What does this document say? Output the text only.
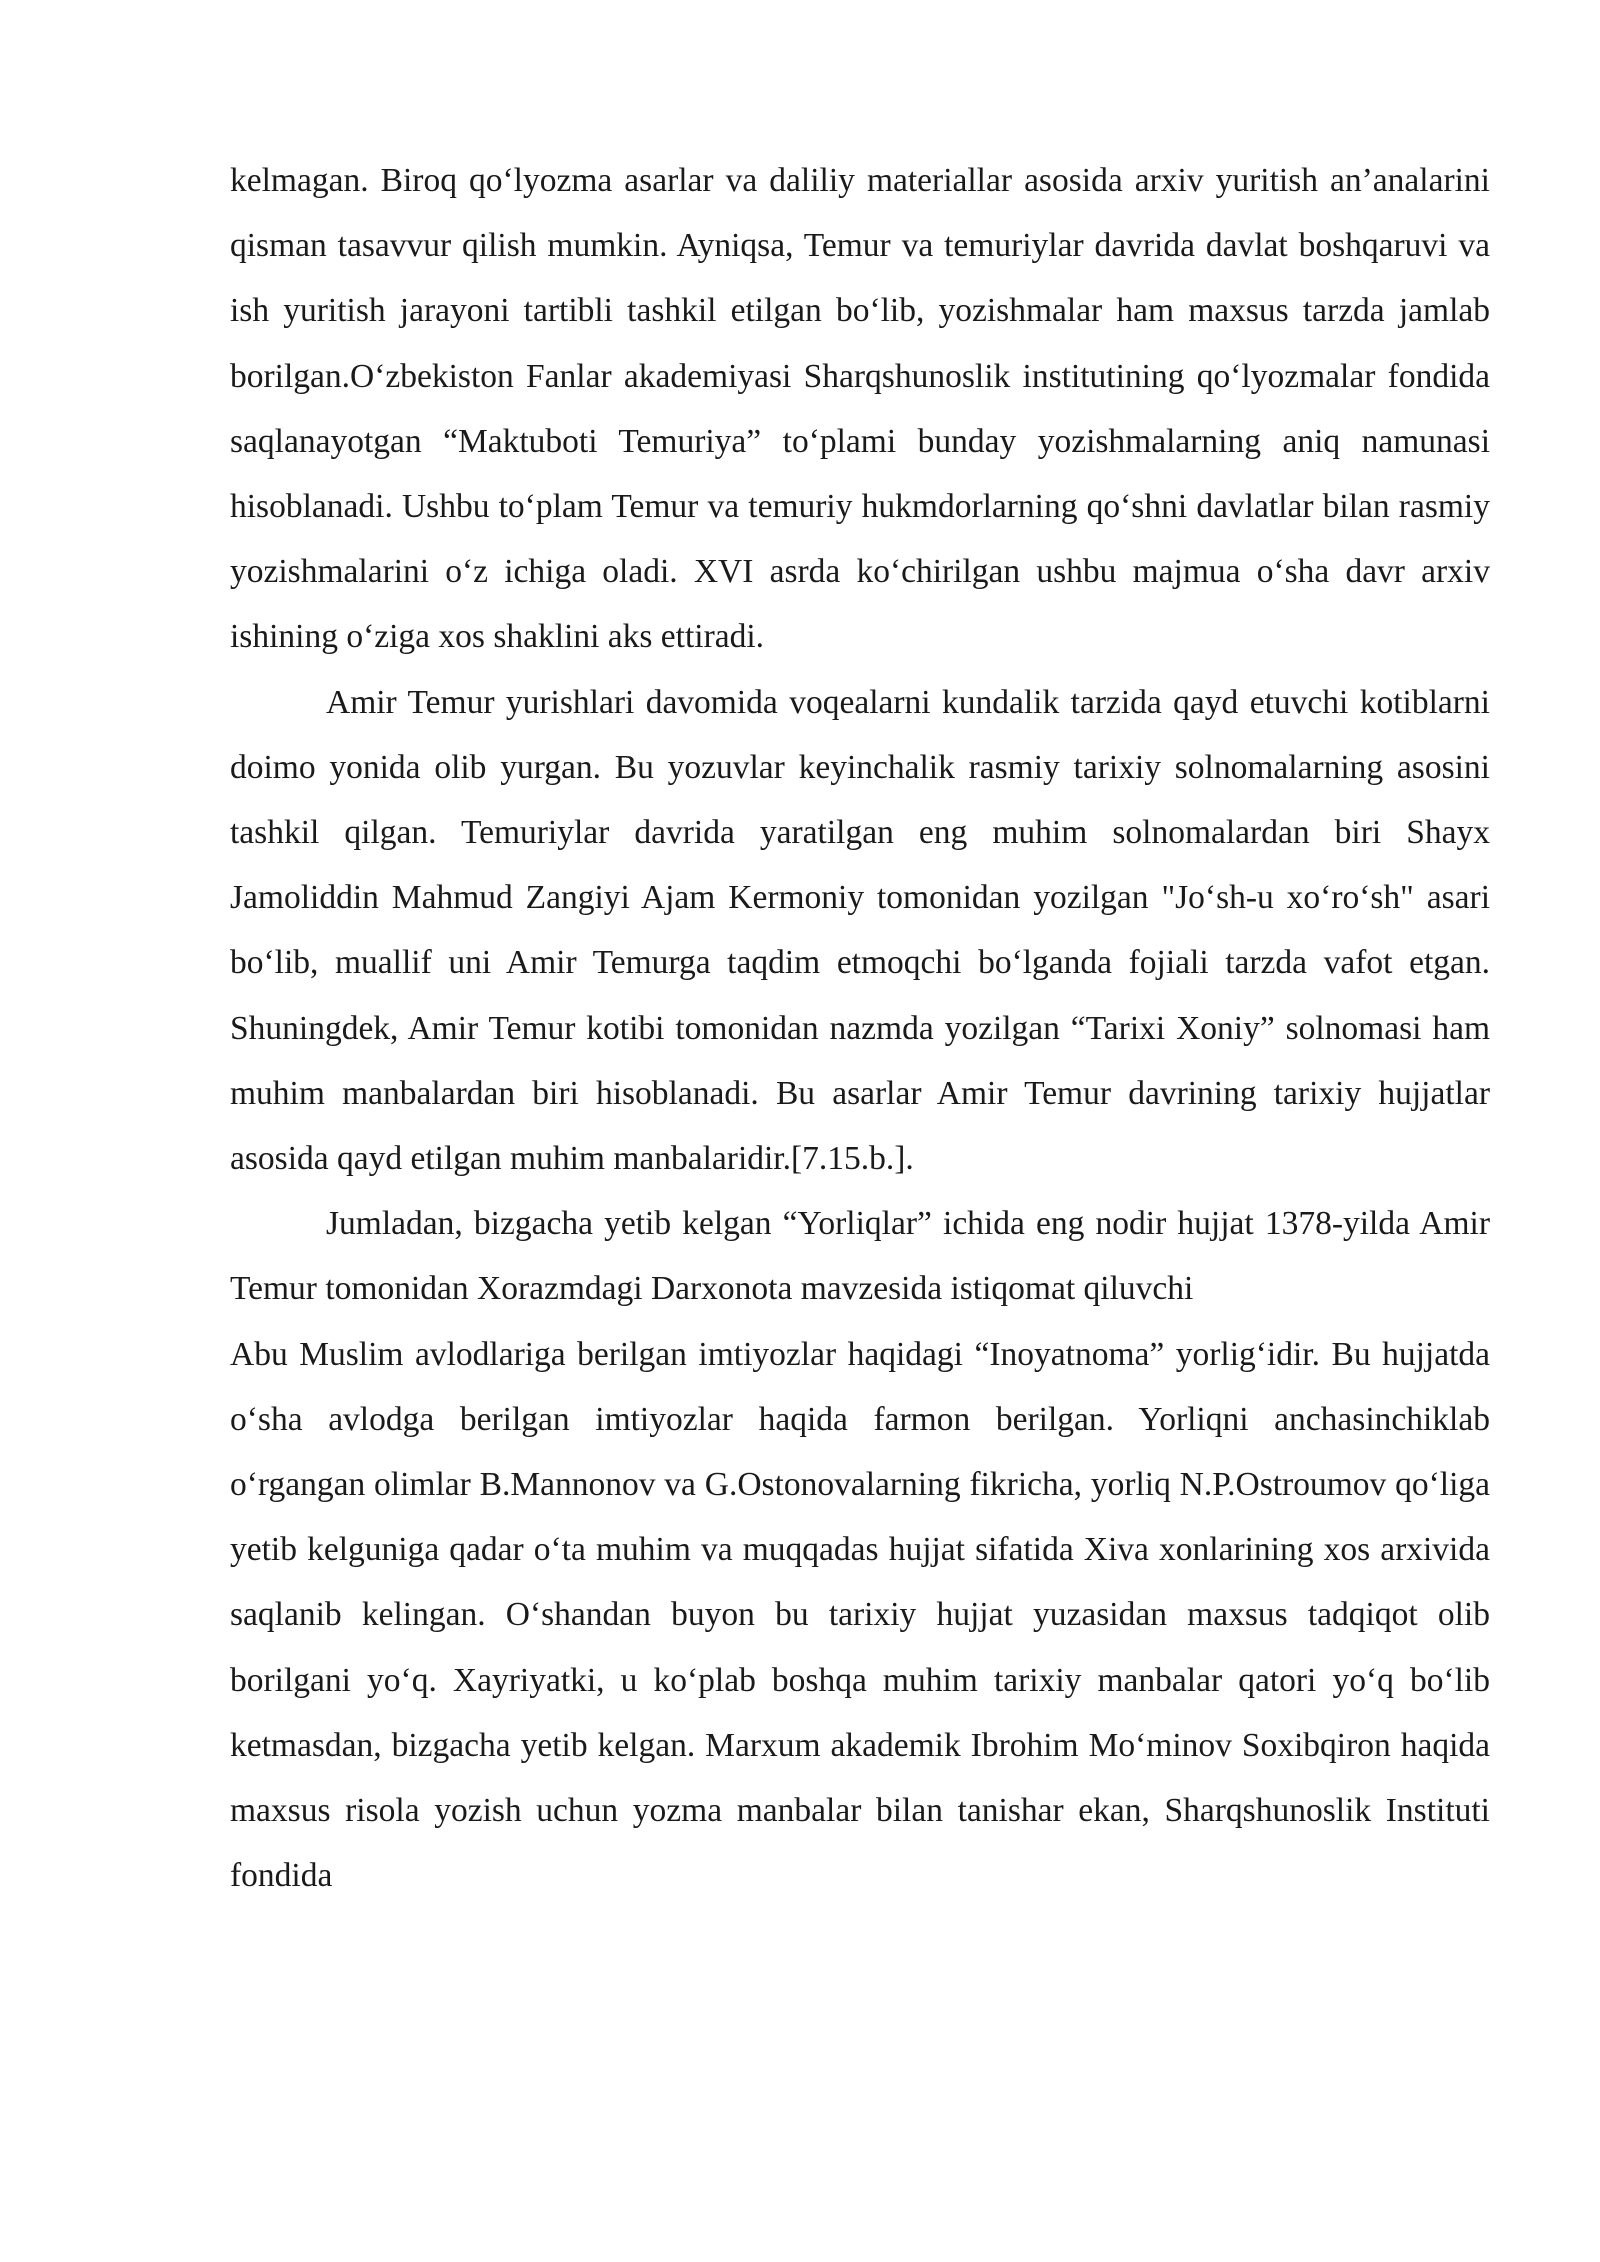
kelmagan. Biroq qo‘lyozma asarlar va daliliy materiallar asosida arxiv yuritish an’analarini qisman tasavvur qilish mumkin. Ayniqsa, Temur va temuriylar davrida davlat boshqaruvi va ish yuritish jarayoni tartibli tashkil etilgan bo‘lib, yozishmalar ham maxsus tarzda jamlab borilgan.O‘zbekiston Fanlar akademiyasi Sharqshunoslik institutining qo‘lyozmalar fondida saqlanayotgan “Maktuboti Temuriya” to‘plami bunday yozishmalarning aniq namunasi hisoblanadi. Ushbu to‘plam Temur va temuriy hukmdorlarning qo‘shni davlatlar bilan rasmiy yozishmalarini o‘z ichiga oladi. XVI asrda ko‘chirilgan ushbu majmua o‘sha davr arxiv ishining o‘ziga xos shaklini aks ettiradi.

Amir Temur yurishlari davomida voqealarni kundalik tarzida qayd etuvchi kotiblarni doimo yonida olib yurgan. Bu yozuvlar keyinchalik rasmiy tarixiy solnomalarning asosini tashkil qilgan. Temuriylar davrida yaratilgan eng muhim solnomalardan biri Shayx Jamoliddin Mahmud Zangiyi Ajam Kermoniy tomonidan yozilgan "Jo‘sh-u xo‘ro‘sh" asari bo‘lib, muallif uni Amir Temurga taqdim etmoqchi bo‘lganda fojiali tarzda vafot etgan. Shuningdek, Amir Temur kotibi tomonidan nazmda yozilgan “Tarixi Xoniy” solnomasi ham muhim manbalardan biri hisoblanadi. Bu asarlar Amir Temur davrining tarixiy hujjatlar asosida qayd etilgan muhim manbalaridir.[7.15.b.].

Jumladan, bizgacha yetib kelgan “Yorliqlar” ichida eng nodir hujjat 1378-yilda Amir Temur tomonidan Xorazmdagi Darxonota mavzesida istiqomat qiluvchi

Abu Muslim avlodlariga berilgan imtiyozlar haqidagi “Inoyatnoma” yorlig‘idir. Bu hujjatda o‘sha avlodga berilgan imtiyozlar haqida farmon berilgan. Yorliqni anchasinchiklab o‘rgangan olimlar B.Mannonov va G.Ostonovalarning fikricha, yorliq N.P.Ostroumov qo‘liga yetib kelguniga qadar o‘ta muhim va muqqadas hujjat sifatida Xiva xonlarining xos arxivida saqlanib kelingan. O‘shandan buyon bu tarixiy hujjat yuzasidan maxsus tadqiqot olib borilgani yo‘q. Xayriyatki, u ko‘plab boshqa muhim tarixiy manbalar qatori yo‘q bo‘lib ketmasdan, bizgacha yetib kelgan. Marxum akademik Ibrohim Mo‘minov Soxibqiron haqida maxsus risola yozish uchun yozma manbalar bilan tanishar ekan, Sharqshunoslik Instituti fondida
